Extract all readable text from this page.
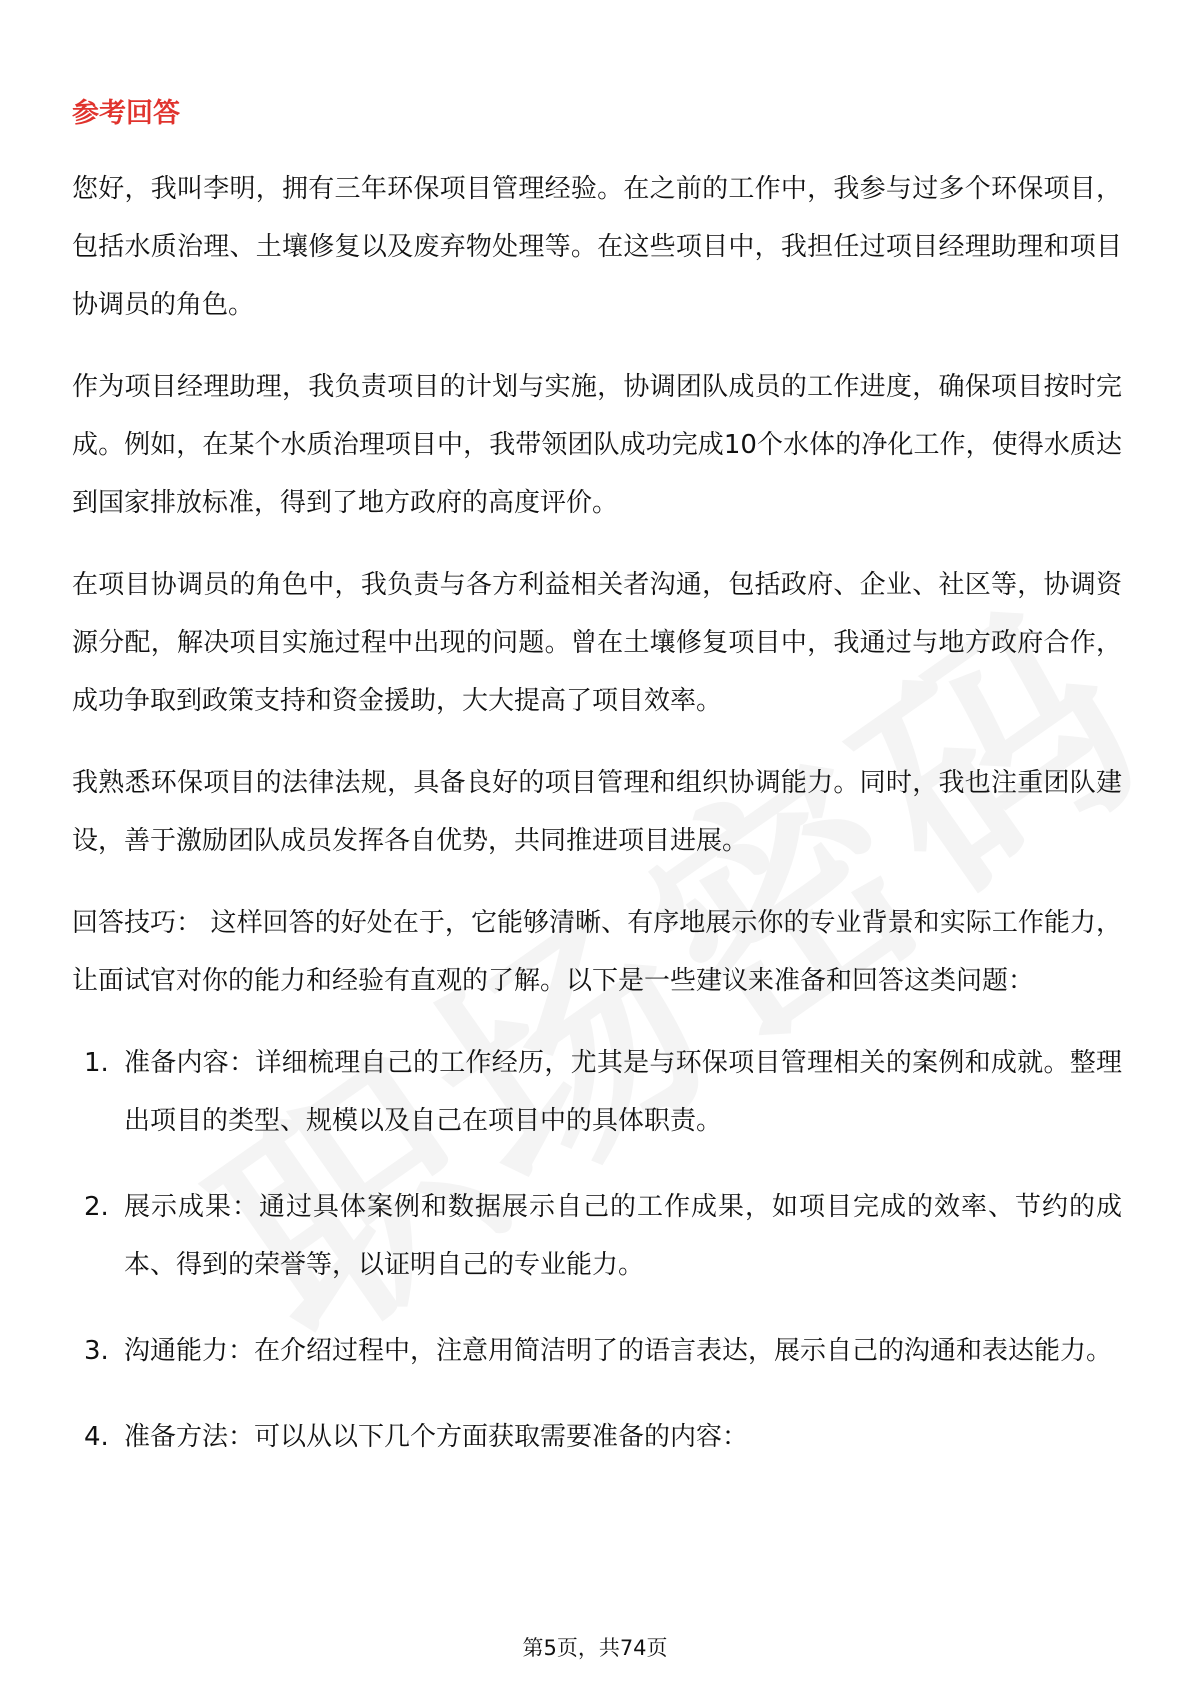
参考回答

您好，我叫李明，拥有三年环保项目管理经验。在之前的工作中，我参与过多个环保项目，包括水质治理、土壤修复以及废弃物处理等。在这些项目中，我担任过项目经理助理和项目协调员的角色。

作为项目经理助理，我负责项目的计划与实施，协调团队成员的工作进度，确保项目按时完成。例如，在某个水质治理项目中，我带领团队成功完成10个水体的净化工作，使得水质达到国家排放标准，得到了地方政府的高度评价。

在项目协调员的角色中，我负责与各方利益相关者沟通，包括政府、企业、社区等，协调资源分配，解决项目实施过程中出现的问题。曾在土壤修复项目中，我通过与地方政府合作，成功争取到政策支持和资金援助，大大提高了项目效率。

我熟悉环保项目的法律法规，具备良好的项目管理和组织协调能力。同时，我也注重团队建设，善于激励团队成员发挥各自优势，共同推进项目进展。

回答技巧： 这样回答的好处在于，它能够清晰、有序地展示你的专业背景和实际工作能力，让面试官对你的能力和经验有直观的了解。以下是一些建议来准备和回答这类问题：

1. 准备内容：详细梳理自己的工作经历，尤其是与环保项目管理相关的案例和成就。整理出项目的类型、规模以及自己在项目中的具体职责。
2. 展示成果：通过具体案例和数据展示自己的工作成果，如项目完成的效率、节约的成本、得到的荣誉等，以证明自己的专业能力。
3. 沟通能力：在介绍过程中，注意用简洁明了的语言表达，展示自己的沟通和表达能力。
4. 准备方法：可以从以下几个方面获取需要准备的内容：
第5页，共74页
